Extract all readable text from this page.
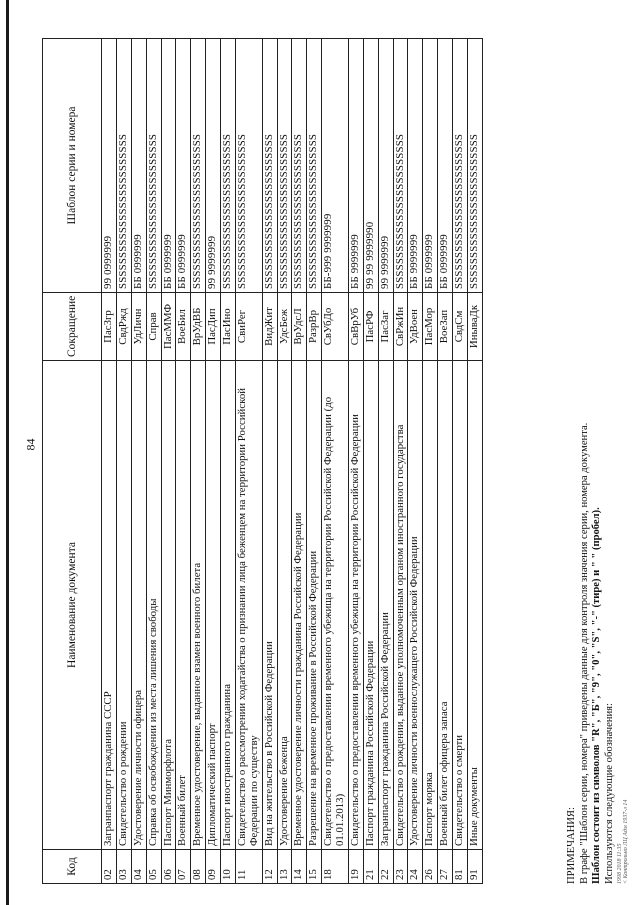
84
Код	Наименование документа	Сокращение	Шаблон серии и номера
02	Загранпаспорт гражданина СССР	ПасЗгр	99 0999999
03	Свидетельство о рождении	СвдРжд	SSSSSSSSSSSSSSSSSSSSSSSSS
04	Удостоверение личности офицера	УдЛичн	ББ 0999999
05	Справка об освобождении из места лишения свободы	Справ	SSSSSSSSSSSSSSSSSSSSSSSSS
06	Паспорт Минморфлота	ПасММФ	ББ 0999999
07	Военный билет	ВоеБил	ББ 0999999
08	Временное удостоверение, выданное взамен военного билета	ВрУдВБ	SSSSSSSSSSSSSSSSSSSSSSSSS
09	Дипломатический паспорт	ПасДип	99 9999999
10	Паспорт иностранного гражданина	ПасИно	SSSSSSSSSSSSSSSSSSSSSSSSS
11	Свидетельство о рассмотрении ходатайства о признании лица беженцем на территории Российской Федерации по существу	СвиРег	SSSSSSSSSSSSSSSSSSSSSSSSS
12	Вид на жительство в Российской Федерации	ВидЖит	SSSSSSSSSSSSSSSSSSSSSSSSS
13	Удостоверение беженца	УдсБеж	SSSSSSSSSSSSSSSSSSSSSSSSS
14	Временное удостоверение личности гражданина Российской Федерации	ВрУдсЛ	SSSSSSSSSSSSSSSSSSSSSSSSS
15	Разрешение на временное проживание в Российской Федерации	РазрВр	SSSSSSSSSSSSSSSSSSSSSSSSS
18	Свидетельство о предоставлении временного убежища на территории Российской Федерации (до 01.01.2013)	СвУбДо	ББ-999 9999999
19	Свидетельство о предоставлении временного убежища на территории Российской Федерации	СвВрУб	ББ 9999999
21	Паспорт гражданина Российской Федерации	ПасРФ	99 99 9999990
22	Загранпаспорт гражданина Российской Федерации	ПасЗаг	99 9999999
23	Свидетельство о рождении, выданное уполномоченным органом иностранного государства	СвРжИн	SSSSSSSSSSSSSSSSSSSSSSSSS
24	Удостоверение личности военнослужащего Российской Федерации	УдВоен	ББ 9999999
26	Паспорт моряка	ПасМор	ББ 0999999
27	Военный билет офицера запаса	ВоеЗап	ББ 0999999
81	Свидетельство о смерти	СвдСм	SSSSSSSSSSSSSSSSSSSSSSSSS
91	Иные документы	ИнываДк	SSSSSSSSSSSSSSSSSSSSSSSSS
ПРИМЕЧАНИЯ: В графе "Шаблон серии, номера" приведены данные для контроля значения серии, номера документа. Шаблон состоит из символов "R", "Б", "9", "0", "S", "-" (тире) и " " (пробел). Используются следующие обозначения: 1998 2018 11:35 < Контрольно ЛЦ Адм 1937-л 14
